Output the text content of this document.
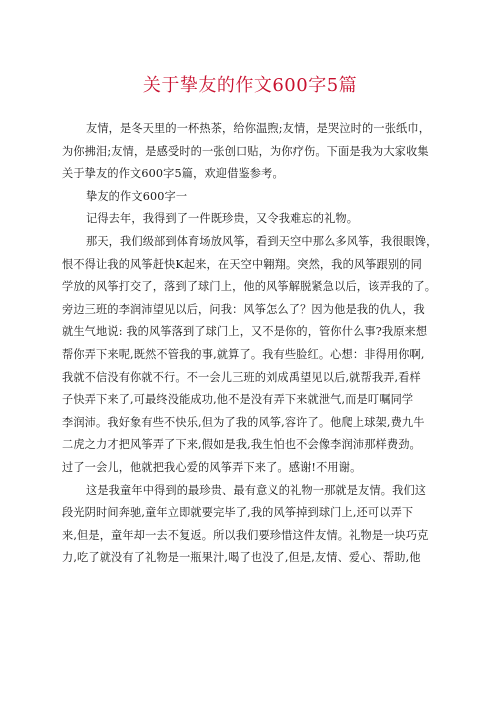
关于挚友的作文600字5篇
友情，是冬天里的一杯热茶，给你温煦;友情，是哭泣时的一张纸巾，
为你拂泪;友情，是感受时的一张创口贴，为你疗伤。下面是我为大家收集
关于挚友的作文600字5篇，欢迎借鉴参考。
挚友的作文600字一
记得去年，我得到了一件既珍贵，又令我难忘的礼物。
那天，我们级部到体育场放风筝，看到天空中那么多风筝，我很眼馋，
恨不得让我的风筝赶快K起来，在天空中翱翔。突然，我的风筝跟别的同
学放的风筝打交了，落到了球门上，他的风筝解脱紧急以后，该弄我的了。
旁边三班的李润沛望见以后，问我：风筝怎么了？因为他是我的仇人，我
就生气地说: 我的风筝落到了球门上，又不是你的，管你什么事?我原来想
帮你弄下来呢,既然不管我的事,就算了。我有些脸红。心想：非得用你啊,
我就不信没有你就不行。不一会儿三班的刘成禹望见以后,就帮我弄,看样
子快弄下来了,可最终没能成功,他不是没有弄下来就泄气,而是叮嘱同学
李润沛。我好象有些不快乐,但为了我的风筝,容许了。他爬上球架,费九牛
二虎之力才把风筝弄了下来,假如是我,我生怕也不会像李润沛那样费劲。
过了一会儿，他就把我心爱的风筝弄下来了。感谢!不用谢。
这是我童年中得到的最珍贵、最有意义的礼物一那就是友情。我们这
段光阴时间奔驰,童年立即就要完毕了,我的风筝掉到球门上,还可以弄下
来,但是，童年却一去不复返。所以我们要珍惜这件友情。礼物是一块巧克
力,吃了就没有了礼物是一瓶果汁,喝了也没了,但是,友情、爱心、帮助,他
